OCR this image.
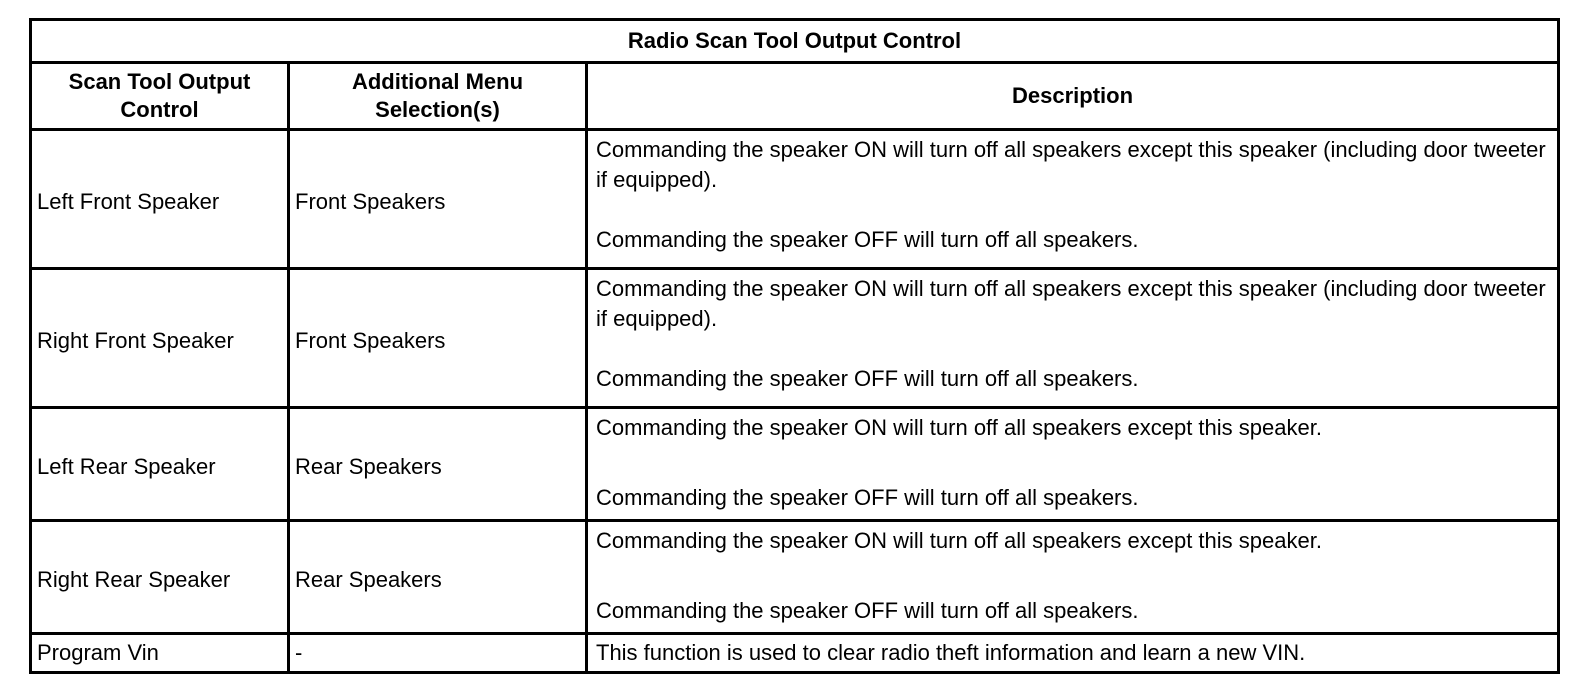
Radio Scan Tool Output Control		
Scan Tool Output Control	Additional Menu Selection(s)	Description
Left Front Speaker	Front Speakers	Commanding the speaker ON will turn off all speakers except this speaker (including door tweeter if equipped).
Commanding the speaker OFF will turn off all speakers.

Right Front Speaker	Front Speakers	Commanding the speaker ON will turn off all speakers except this speaker (including door tweeter if equipped).
Commanding the speaker OFF will turn off all speakers.

Left Rear Speaker	Rear Speakers	Commanding the speaker ON will turn off all speakers except this speaker.
Commanding the speaker OFF will turn off all speakers.

Right Rear Speaker	Rear Speakers	Commanding the speaker ON will turn off all speakers except this speaker.
Commanding the speaker OFF will turn off all speakers.

Program Vin	-	This function is used to clear radio theft information and learn a new VIN.
